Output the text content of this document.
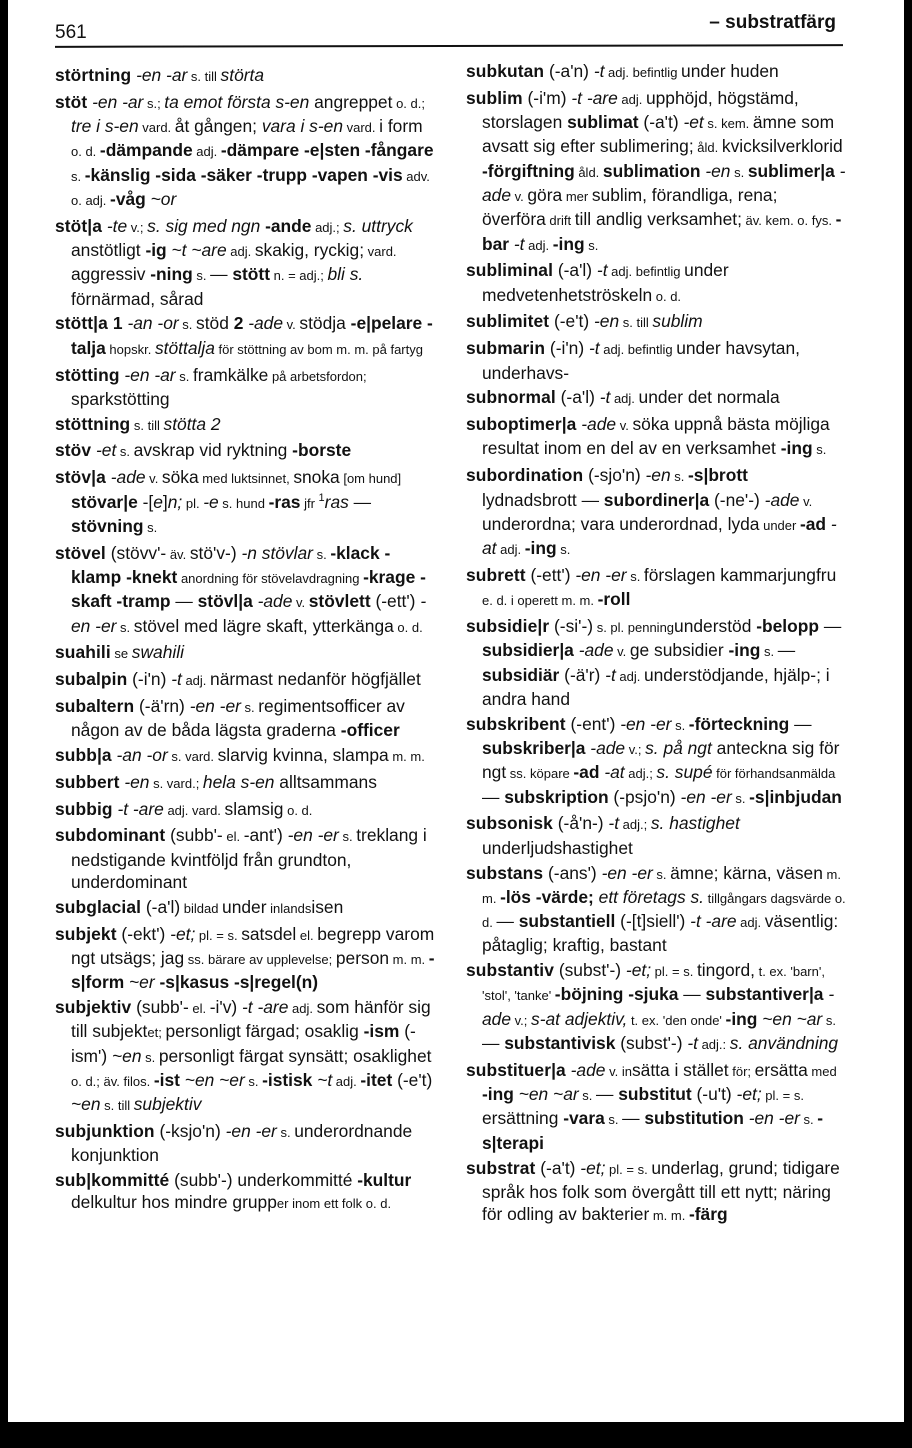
561	– substratfärg
störtning -en -ar s. till störta
stöt -en -ar s.; ta emot första s-en angreppet o. d.; tre i s-en vard. åt gången; vara i s-en vard. i form o. d. -dämpande adj. -dämpare -e|sten -fångare s. -känslig -sida -säker -trupp -vapen -vis adv. o. adj. -våg ~or
stöt|a -te v.; s. sig med ngn -ande adj.; s. uttryck anstötligt -ig ~t ~are adj. skakig, ryckig; vard. aggressiv -ning s. — stött n. = adj.; bli s. förnärmad, sårad
stött|a 1 -an -or s. stöd 2 -ade v. stödja -e|pelare -talja hopskr. stöttalja för stöttning av bom m. m. på fartyg
stötting -en -ar s. framkälke på arbetsfordon; sparkstötting
stöttning s. till stötta 2
stöv -et s. avskrap vid ryktning -borste
stöv|a -ade v. söka med luktsinnet, snoka [om hund] stövar|e -[e]n; pl. -e s. hund -ras jfr $^1$ras — stövning s.
stövel (stövv'- äv. stö'v-) -n stövlar s. -klack -klamp -knekt anordning för stövelavdragning -krage -skaft -tramp — stövl|a -ade v. stövlett (-ett') -en -er s. stövel med lägre skaft, ytterkänga o. d.
suahili se swahili
subalpin (-i'n) -t adj. närmast nedanför högfjället
subaltern (-ä'rn) -en -er s. regimentsofficer av någon av de båda lägsta graderna -officer
subb|a -an -or s. vard. slarvig kvinna, slampa m. m.
subbert -en s. vard.; hela s-en alltsammans
subbig -t -are adj. vard. slamsig o. d.
subdominant (subb'- el. -ant') -en -er s. treklang i nedstigande kvintföljd från grundton, underdominant
subglacial (-a'l) bildad under inlandsisen
subjekt (-ekt') -et; pl. = s. satsdel el. begrepp varom ngt utsägs; jag ss. bärare av upplevelse; person m. m. -s|form ~er -s|kasus -s|regel(n)
subjektiv (subb'- el. -i'v) -t -are adj. som hänför sig till subjektet; personligt färgad; osaklig -ism (-ism') ~en s. personligt färgat synsätt; osaklighet o. d.; äv. filos. -ist ~en ~er s. -istisk ~t adj. -itet (-e't) ~en s. till subjektiv
subjunktion (-ksjo'n) -en -er s. underordnande konjunktion
sub|kommitté (subb'-) underkommitté -kultur delkultur hos mindre grupper inom ett folk o. d.
subkutan (-a'n) -t adj. befintlig under huden
sublim (-i'm) -t -are adj. upphöjd, högstämd, storslagen sublimat (-a't) -et s. kem. ämne som avsatt sig efter sublimering; åld. kvicksilverklorid -förgiftning åld. sublimation -en s. sublimer|a -ade v. göra mer sublim, förandliga, rena; överföra drift till andlig verksamhet; äv. kem. o. fys. -bar -t adj. -ing s.
subliminal (-a'l) -t adj. befintlig under medvetenhetströskeln o. d.
sublimitet (-e't) -en s. till sublim
submarin (-i'n) -t adj. befintlig under havsytan, underhavs-
subnormal (-a'l) -t adj. under det normala
suboptimer|a -ade v. söka uppnå bästa möjliga resultat inom en del av en verksamhet -ing s.
subordination (-sjo'n) -en s. -s|brott lydnadsbrott — subordiner|a (-ne'-) -ade v. underordna; vara underordnad, lyda under -ad -at adj. -ing s.
subrett (-ett') -en -er s. förslagen kammarjungfru e. d. i operett m. m. -roll
subsidie|r (-si'-) s. pl. penningunderstöd -belopp — subsidier|a -ade v. ge subsidier -ing s. — subsidiär (-ä'r) -t adj. understödjande, hjälp-; i andra hand
subskribent (-ent') -en -er s. -förteckning — subskriber|a -ade v.; s. på ngt anteckna sig för ngt ss. köpare -ad -at adj.; s. supé för förhandsanmälda — subskription (-psjo'n) -en -er s. -s|inbjudan
subsonisk (-å'n-) -t adj.; s. hastighet underljudshastighet
substans (-ans') -en -er s. ämne; kärna, väsen m. m. -lös -värde; ett företags s. tillgångars dagsvärde o. d. — substantiell (-[t]siell') -t -are adj. väsentlig: påtaglig; kraftig, bastant
substantiv (subst'-) -et; pl. = s. tingord, t. ex. 'barn', 'stol', 'tanke' -böjning -sjuka — substantiver|a -ade v.; s-at adjektiv, t. ex. 'den onde' -ing ~en ~ar s. — substantivisk (subst'-) -t adj.: s. användning
substituer|a -ade v. insätta i stället för; ersätta med -ing ~en ~ar s. — substitut (-u't) -et; pl. = s. ersättning -vara s. — substitution -en -er s. -s|terapi
substrat (-a't) -et; pl. = s. underlag, grund; tidigare språk hos folk som övergått till ett nytt; näring för odling av bakterier m. m. -färg
